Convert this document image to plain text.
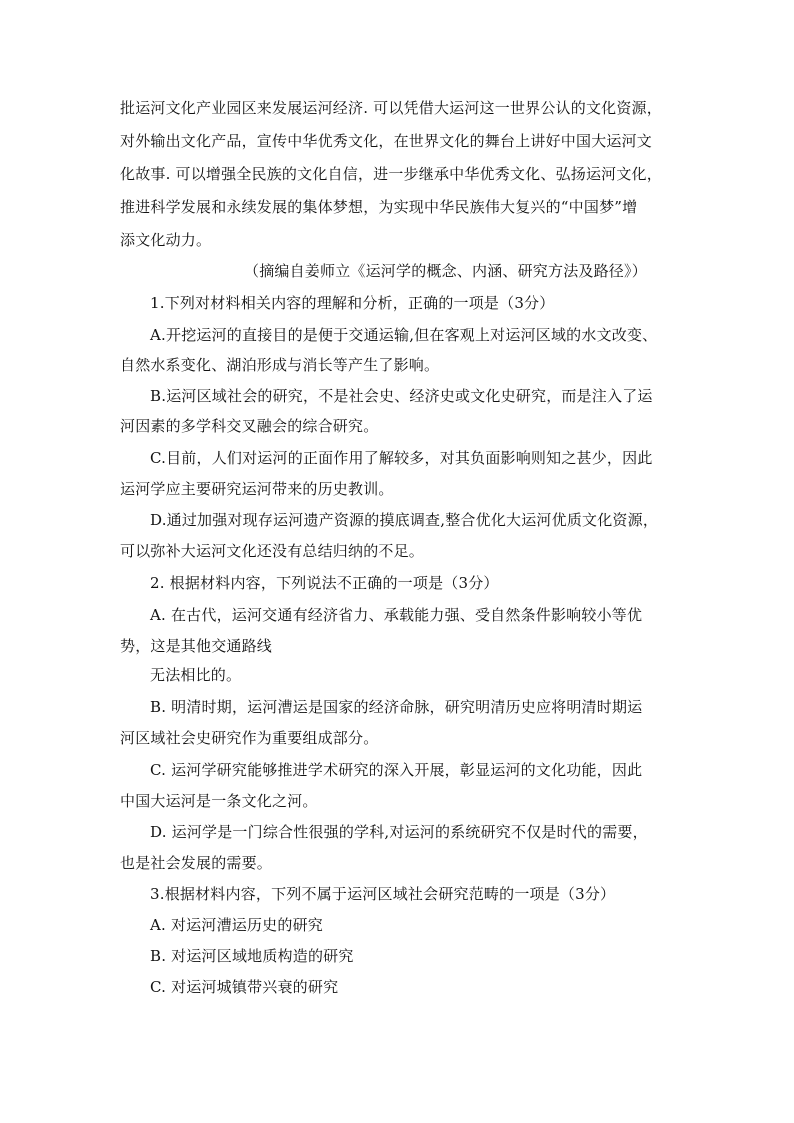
批运河文化产业园区来发展运河经济. 可以凭借大运河这一世界公认的文化资源，
对外输出文化产品，宣传中华优秀文化，在世界文化的舞台上讲好中国大运河文
化故事. 可以增强全民族的文化自信，进一步继承中华优秀文化、弘扬运河文化，
推进科学发展和永续发展的集体梦想，为实现中华民族伟大复兴的“中国梦”增
添文化动力。
（摘编自姜师立《运河学的概念、内涵、研究方法及路径》）
1.下列对材料相关内容的理解和分析，正确的一项是（3分）
A.开挖运河的直接目的是便于交通运输,但在客观上对运河区域的水文改变、
自然水系变化、湖泊形成与消长等产生了影响。
B.运河区域社会的研究，不是社会史、经济史或文化史研究，而是注入了运
河因素的多学科交叉融会的综合研究。
C.目前，人们对运河的正面作用了解较多，对其负面影响则知之甚少，因此
运河学应主要研究运河带来的历史教训。
D.通过加强对现存运河遗产资源的摸底调查,整合优化大运河优质文化资源，
可以弥补大运河文化还没有总结归纳的不足。
2. 根据材料内容，下列说法不正确的一项是（3分）
A. 在古代，运河交通有经济省力、承载能力强、受自然条件影响较小等优
势，这是其他交通路线
无法相比的。
B. 明清时期，运河漕运是国家的经济命脉，研究明清历史应将明清时期运
河区域社会史研究作为重要组成部分。
C. 运河学研究能够推进学术研究的深入开展，彰显运河的文化功能，因此
中国大运河是一条文化之河。
D. 运河学是一门综合性很强的学科,对运河的系统研究不仅是时代的需要，
也是社会发展的需要。
3.根据材料内容，下列不属于运河区域社会研究范畴的一项是（3分）
A. 对运河漕运历史的研究
B. 对运河区域地质构造的研究
C. 对运河城镇带兴衰的研究
